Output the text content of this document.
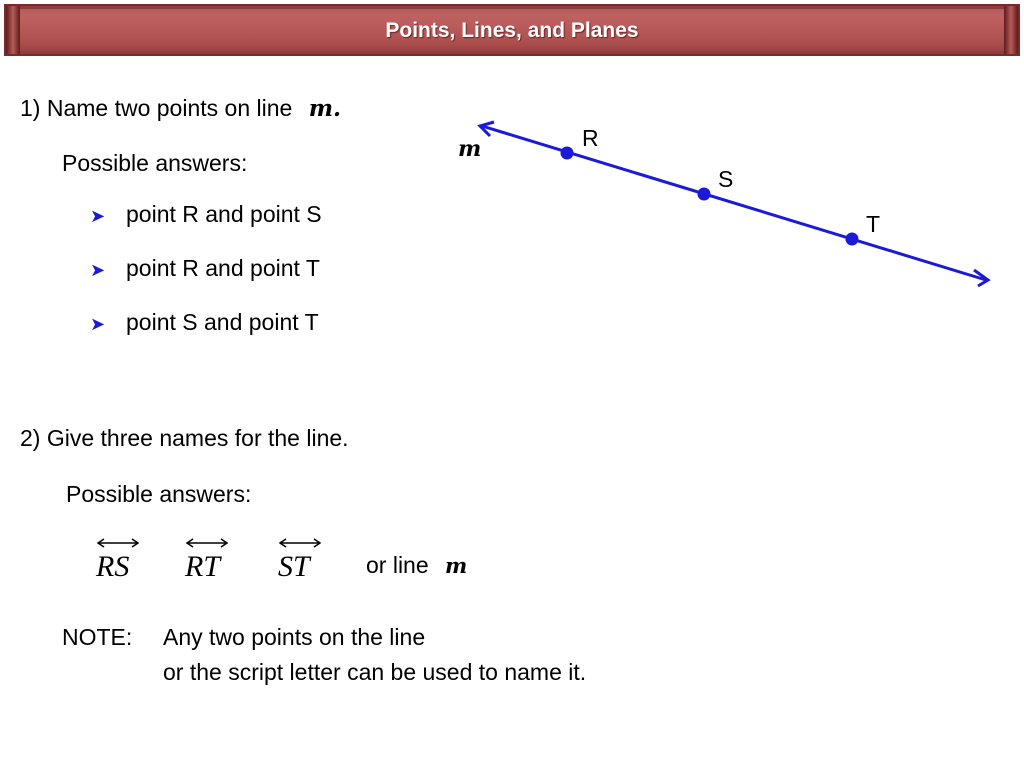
Points, Lines, and Planes
1) Name two points on line m.
Possible answers:
➤ point R and point S
➤ point R and point T
➤ point S and point T
m	R
S
T
2) Give three names for the line.
Possible answers:
RS RT ST or line m
NOTE: Any two points on the line
or the script letter can be used to name it.
